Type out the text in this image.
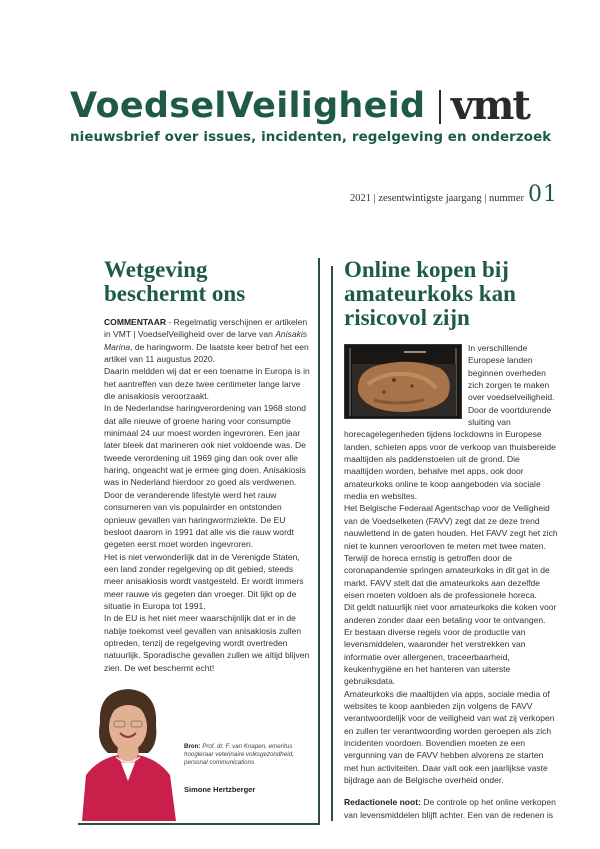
VoedselVeiligheid vmt
nieuwsbrief over issues, incidenten, regelgeving en onderzoek
2021 | zesentwintigste jaargang | nummer 01
Wetgeving beschermt ons

COMMENTAAR - Regelmatig verschijnen er artikelen in VMT | VoedselVeiligheid over de larve van Anisakis Marina, de haringworm. De laatste keer betrof het een artikel van 11 augustus 2020.

Daarin meldden wij dat er een toename in Europa is in het aantreffen van deze twee centimeter lange larve die anisakiosis veroorzaakt.

In de Nederlandse haringverordening van 1968 stond dat alle nieuwe of groene haring voor consumptie minimaal 24 uur moest worden ingevroren. Een jaar later bleek dat marineren ook niet voldoende was. De tweede verordening uit 1969 ging dan ook over alle haring, ongeacht wat je ermee ging doen. Anisakiosis was in Nederland hierdoor zo goed als verdwenen.

Door de veranderende lifestyle werd het rauw consumeren van vis populairder en ontstonden opnieuw gevallen van haringwormziekte. De EU besloot daarom in 1991 dat alle vis die rauw wordt gegeten eerst moet worden ingevroren.

Het is niet verwonderlijk dat in de Verenigde Staten, een land zonder regelgeving op dit gebied, steeds meer anisakiosis wordt vastgesteld. Er wordt immers meer rauwe vis gegeten dan vroeger. Dit lijkt op de situatie in Europa tot 1991.

In de EU is het niet meer waarschijnlijk dat er in de nabije toekomst veel gevallen van anisakiosis zullen optreden, tenzij de regelgeving wordt overtreden natuurlijk. Sporadische gevallen zullen we altijd blijven zien. De wet beschermt echt!

Bron: Prof. dr. F. van Knapen, emeritus hoogleraar veterinaire volksgezondheid, personal communications
Simone Hertzberger
Online kopen bij amateurkoks kan risicovol zijn

In verschillende Europese landen beginnen overheden zich zorgen te maken over voedselveiligheid. Door de voortdurende sluiting van horecagelegenheden tijdens lockdowns in Europese landen, schieten apps voor de verkoop van thuisbereide maaltijden als paddenstoelen uit de grond. Die maaltijden worden, behalve met apps, ook door amateurkoks online te koop aangeboden via sociale media en websites.

Het Belgische Federaal Agentschap voor de Veiligheid van de Voedselketen (FAVV) zegt dat ze deze trend nauwlettend in de gaten houden. Het FAVV zegt het zich niet te kunnen veroorloven te meten met twee maten. Terwijl de horeca ernstig is getroffen door de coronapandemie springen amateurkoks in dit gat in de markt. FAVV stelt dat die amateurkoks aan dezelfde eisen moeten voldoen als de professionele horeca.

Dit geldt natuurlijk niet voor amateurkoks die koken voor anderen zonder daar een betaling voor te ontvangen.

Er bestaan diverse regels voor de productie van levensmiddelen, waaronder het verstrekken van informatie over allergenen, traceerbaarheid, keukenhygiëne en het hanteren van uiterste gebruiksdata.

Amateurkoks die maaltijden via apps, sociale media of websites te koop aanbieden zijn volgens de FAVV verantwoordelijk voor de veiligheid van wat zij verkopen en zullen ter verantwoording worden geroepen als zich incidenten voordoen. Bovendien moeten ze een vergunning van de FAVV hebben alvorens ze starten met hun activiteiten. Daar valt ook een jaarlijkse vaste bijdrage aan de Belgische overheid onder.

Redactionele noot: De controle op het online verkopen van levensmiddelen blijft achter. Een van de redenen is
